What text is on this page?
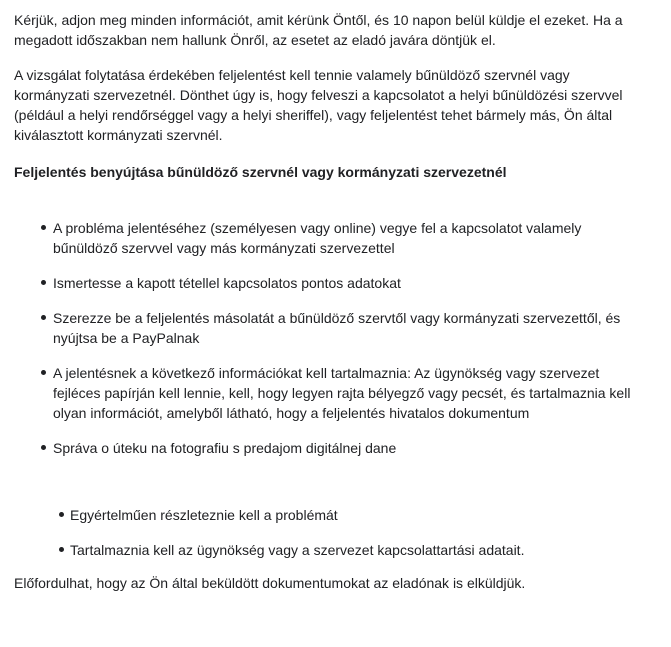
Kérjük, adjon meg minden információt, amit kérünk Öntől, és 10 napon belül küldje el ezeket. Ha a megadott időszakban nem hallunk Önről, az esetet az eladó javára döntjük el.

A vizsgálat folytatása érdekében feljelentést kell tennie valamely bűnüldöző szervnél vagy kormányzati szervezetnél. Dönthet úgy is, hogy felveszi a kapcsolatot a helyi bűnüldözési szervvel (például a helyi rendőrséggel vagy a helyi sheriffel), vagy feljelentést tehet bármely más, Ön által kiválasztott kormányzati szervnél.

Feljelentés benyújtása bűnüldöző szervnél vagy kormányzati szervezetnél

A probléma jelentéséhez (személyesen vagy online) vegye fel a kapcsolatot valamely bűnüldöző szervvel vagy más kormányzati szervezettel
Ismertesse a kapott tétellel kapcsolatos pontos adatokat
Szerezze be a feljelentés másolatát a bűnüldöző szervtől vagy kormányzati szervezettől, és nyújtsa be a PayPalnak
A jelentésnek a következő információkat kell tartalmaznia: Az ügynökség vagy szervezet fejléces papírján kell lennie, kell, hogy legyen rajta bélyegző vagy pecsét, és tartalmaznia kell olyan információt, amelyből látható, hogy a feljelentés hivatalos dokumentum
Správa o úteku na fotografiu s predajom digitálnej dane
Egyértelműen részleteznie kell a problémát
Tartalmaznia kell az ügynökség vagy a szervezet kapcsolattartási adatait.

Előfordulhat, hogy az Ön által beküldött dokumentumokat az eladónak is elküldjük.
